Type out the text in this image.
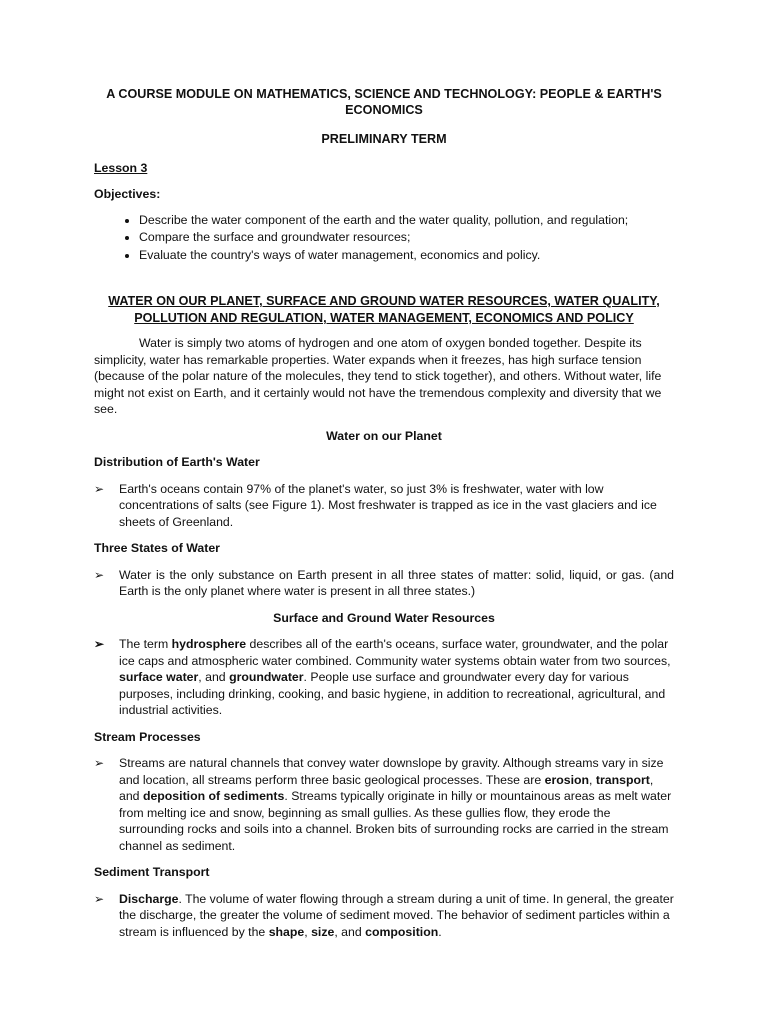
A COURSE MODULE ON MATHEMATICS, SCIENCE AND TECHNOLOGY: PEOPLE & EARTH'S ECONOMICS

PRELIMINARY TERM

Lesson 3

Objectives:

• Describe the water component of the earth and the water quality, pollution, and regulation;
• Compare the surface and groundwater resources;
• Evaluate the country's ways of water management, economics and policy.

WATER ON OUR PLANET, SURFACE AND GROUND WATER RESOURCES, WATER QUALITY, POLLUTION AND REGULATION, WATER MANAGEMENT, ECONOMICS AND POLICY

Water is simply two atoms of hydrogen and one atom of oxygen bonded together. Despite its simplicity, water has remarkable properties. Water expands when it freezes, has high surface tension (because of the polar nature of the molecules, they tend to stick together), and others. Without water, life might not exist on Earth, and it certainly would not have the tremendous complexity and diversity that we see.

Water on our Planet

Distribution of Earth's Water

➢ Earth's oceans contain 97% of the planet's water, so just 3% is freshwater, water with low concentrations of salts (see Figure 1). Most freshwater is trapped as ice in the vast glaciers and ice sheets of Greenland.

Three States of Water

➢ Water is the only substance on Earth present in all three states of matter: solid, liquid, or gas. (and Earth is the only planet where water is present in all three states.)

Surface and Ground Water Resources

➢ The term hydrosphere describes all of the earth's oceans, surface water, groundwater, and the polar ice caps and atmospheric water combined. Community water systems obtain water from two sources, surface water, and groundwater. People use surface and groundwater every day for various purposes, including drinking, cooking, and basic hygiene, in addition to recreational, agricultural, and industrial activities.

Stream Processes

➢ Streams are natural channels that convey water downslope by gravity. Although streams vary in size and location, all streams perform three basic geological processes. These are erosion, transport, and deposition of sediments. Streams typically originate in hilly or mountainous areas as melt water from melting ice and snow, beginning as small gullies. As these gullies flow, they erode the surrounding rocks and soils into a channel. Broken bits of surrounding rocks are carried in the stream channel as sediment.

Sediment Transport

➢ Discharge. The volume of water flowing through a stream during a unit of time. In general, the greater the discharge, the greater the volume of sediment moved. The behavior of sediment particles within a stream is influenced by the shape, size, and composition.
